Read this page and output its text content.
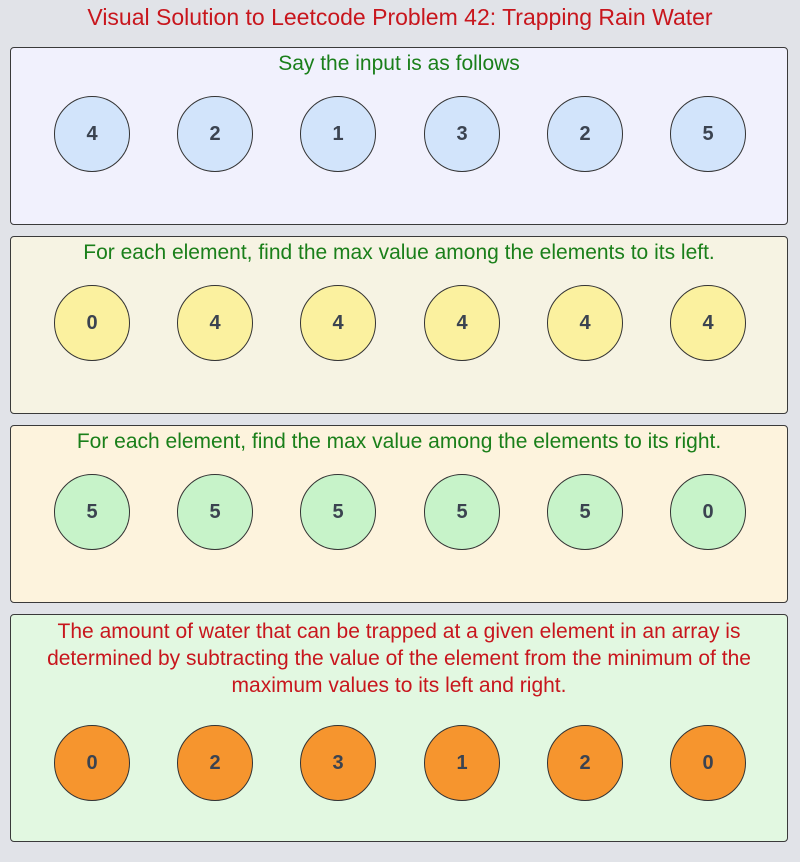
Visual Solution to Leetcode Problem 42: Trapping Rain Water
Say the input is as follows
4	2	1	3	2	5
For each element, find the max value among the elements to its left.
0	4	4	4	4	4
For each element, find the max value among the elements to its right.
5	5	5	5	5	0
The amount of water that can be trapped at a given element in an array is determined by subtracting the value of the element from the minimum of the maximum values to its left and right.
0	2	3	1	2	0
